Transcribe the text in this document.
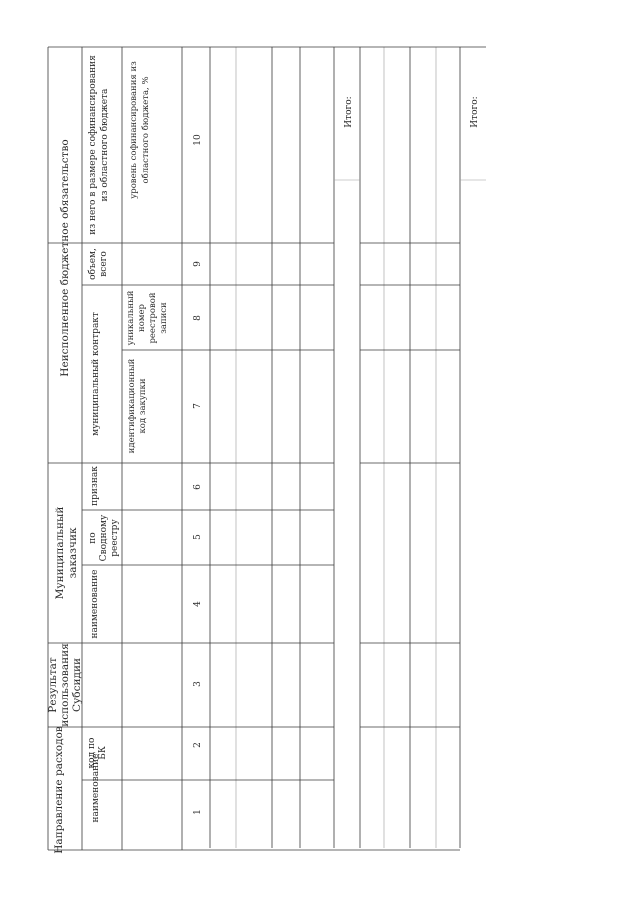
Направление расходов
Результат использования Субсидии
Муниципальный заказчик
Неисполненное бюджетное обязательство
наименование
код по БК
наименование
по Сводному реестру
признак
муниципальный контракт
объем, всего
из него в размере софинансирования из областного бюджета
идентификационный код закупки
уникальный номер реестровой записи
уровень софинансирования из областного бюджета, %
1
2
3
4
5
6
7
8
9
10
Итого:	Итого:
